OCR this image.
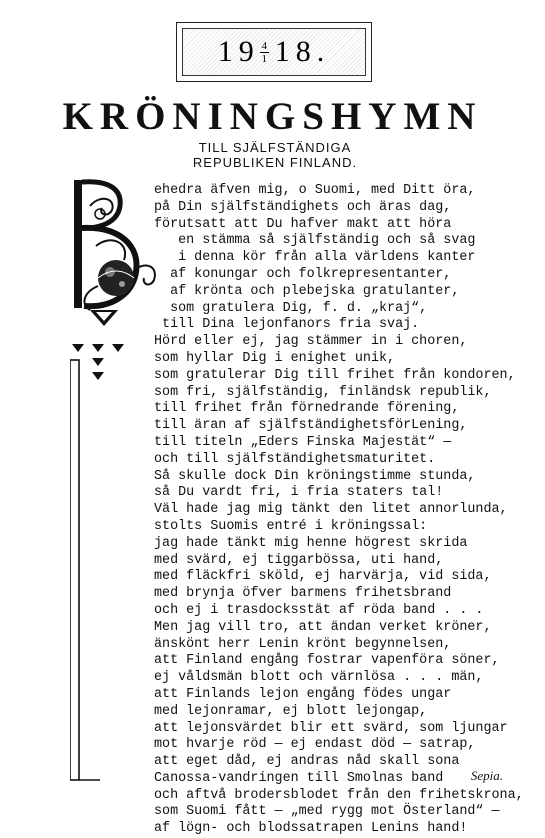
$19 \frac{4}{1} 18$.
KRÖNINGSHYMN
TILL SJÄLFSTÄNDIGA
REPUBLIKEN FINLAND.
ehedra äfven mig, o Suomi, med Ditt öra,
på Din själfständighets och äras dag,
förutsatt att Du hafver makt att höra
en stämma så själfständig och så svag
i denna kör från alla världens kanter
af konungar och folkrepresentanter,
af krönta och plebejska gratulanter,
som gratulera Dig, f. d. „kraj“,
till Dina lejonfanors fria svaj.
Hörd eller ej, jag stämmer in i choren,
som hyllar Dig i enighet unik,
som gratulerar Dig till frihet från kondoren,
som fri, själfständig, finländsk republik,
till frihet från förnedrande förening,
till äran af själfständighetsförLening,
till titeln „Eders Finska Majestät“ —
och till själfständighetsmaturitet.
Så skulle dock Din kröningstimme stunda,
så Du vardt fri, i fria staters tal!
Väl hade jag mig tänkt den litet annorlunda,
stolts Suomis entré i kröningssal:
jag hade tänkt mig henne högrest skrida
med svärd, ej tiggarbössa, uti hand,
med fläckfri sköld, ej harvärja, vid sida,
med brynja öfver barmens frihetsbrand
och ej i trasdocksstät af röda band . . .
Men jag vill tro, att ändan verket kröner,
änskönt herr Lenin krönt begynnelsen,
att Finland engång fostrar vapenföra söner,
ej våldsmän blott och värnlösa . . . män,
att Finlands lejon engång födes ungar
med lejonramar, ej blott lejongap,
att lejonsvärdet blir ett svärd, som ljungar
mot hvarje röd — ej endast död — satrap,
att eget dåd, ej andras nåd skall sona
Canossa-vandringen till Smolnas band
och aftvå brodersblodet från den frihetskrona,
som Suomi fått — „med rygg mot Österland“ —
af lögn- och blodssatrapen Lenins hand!
Sepia.
